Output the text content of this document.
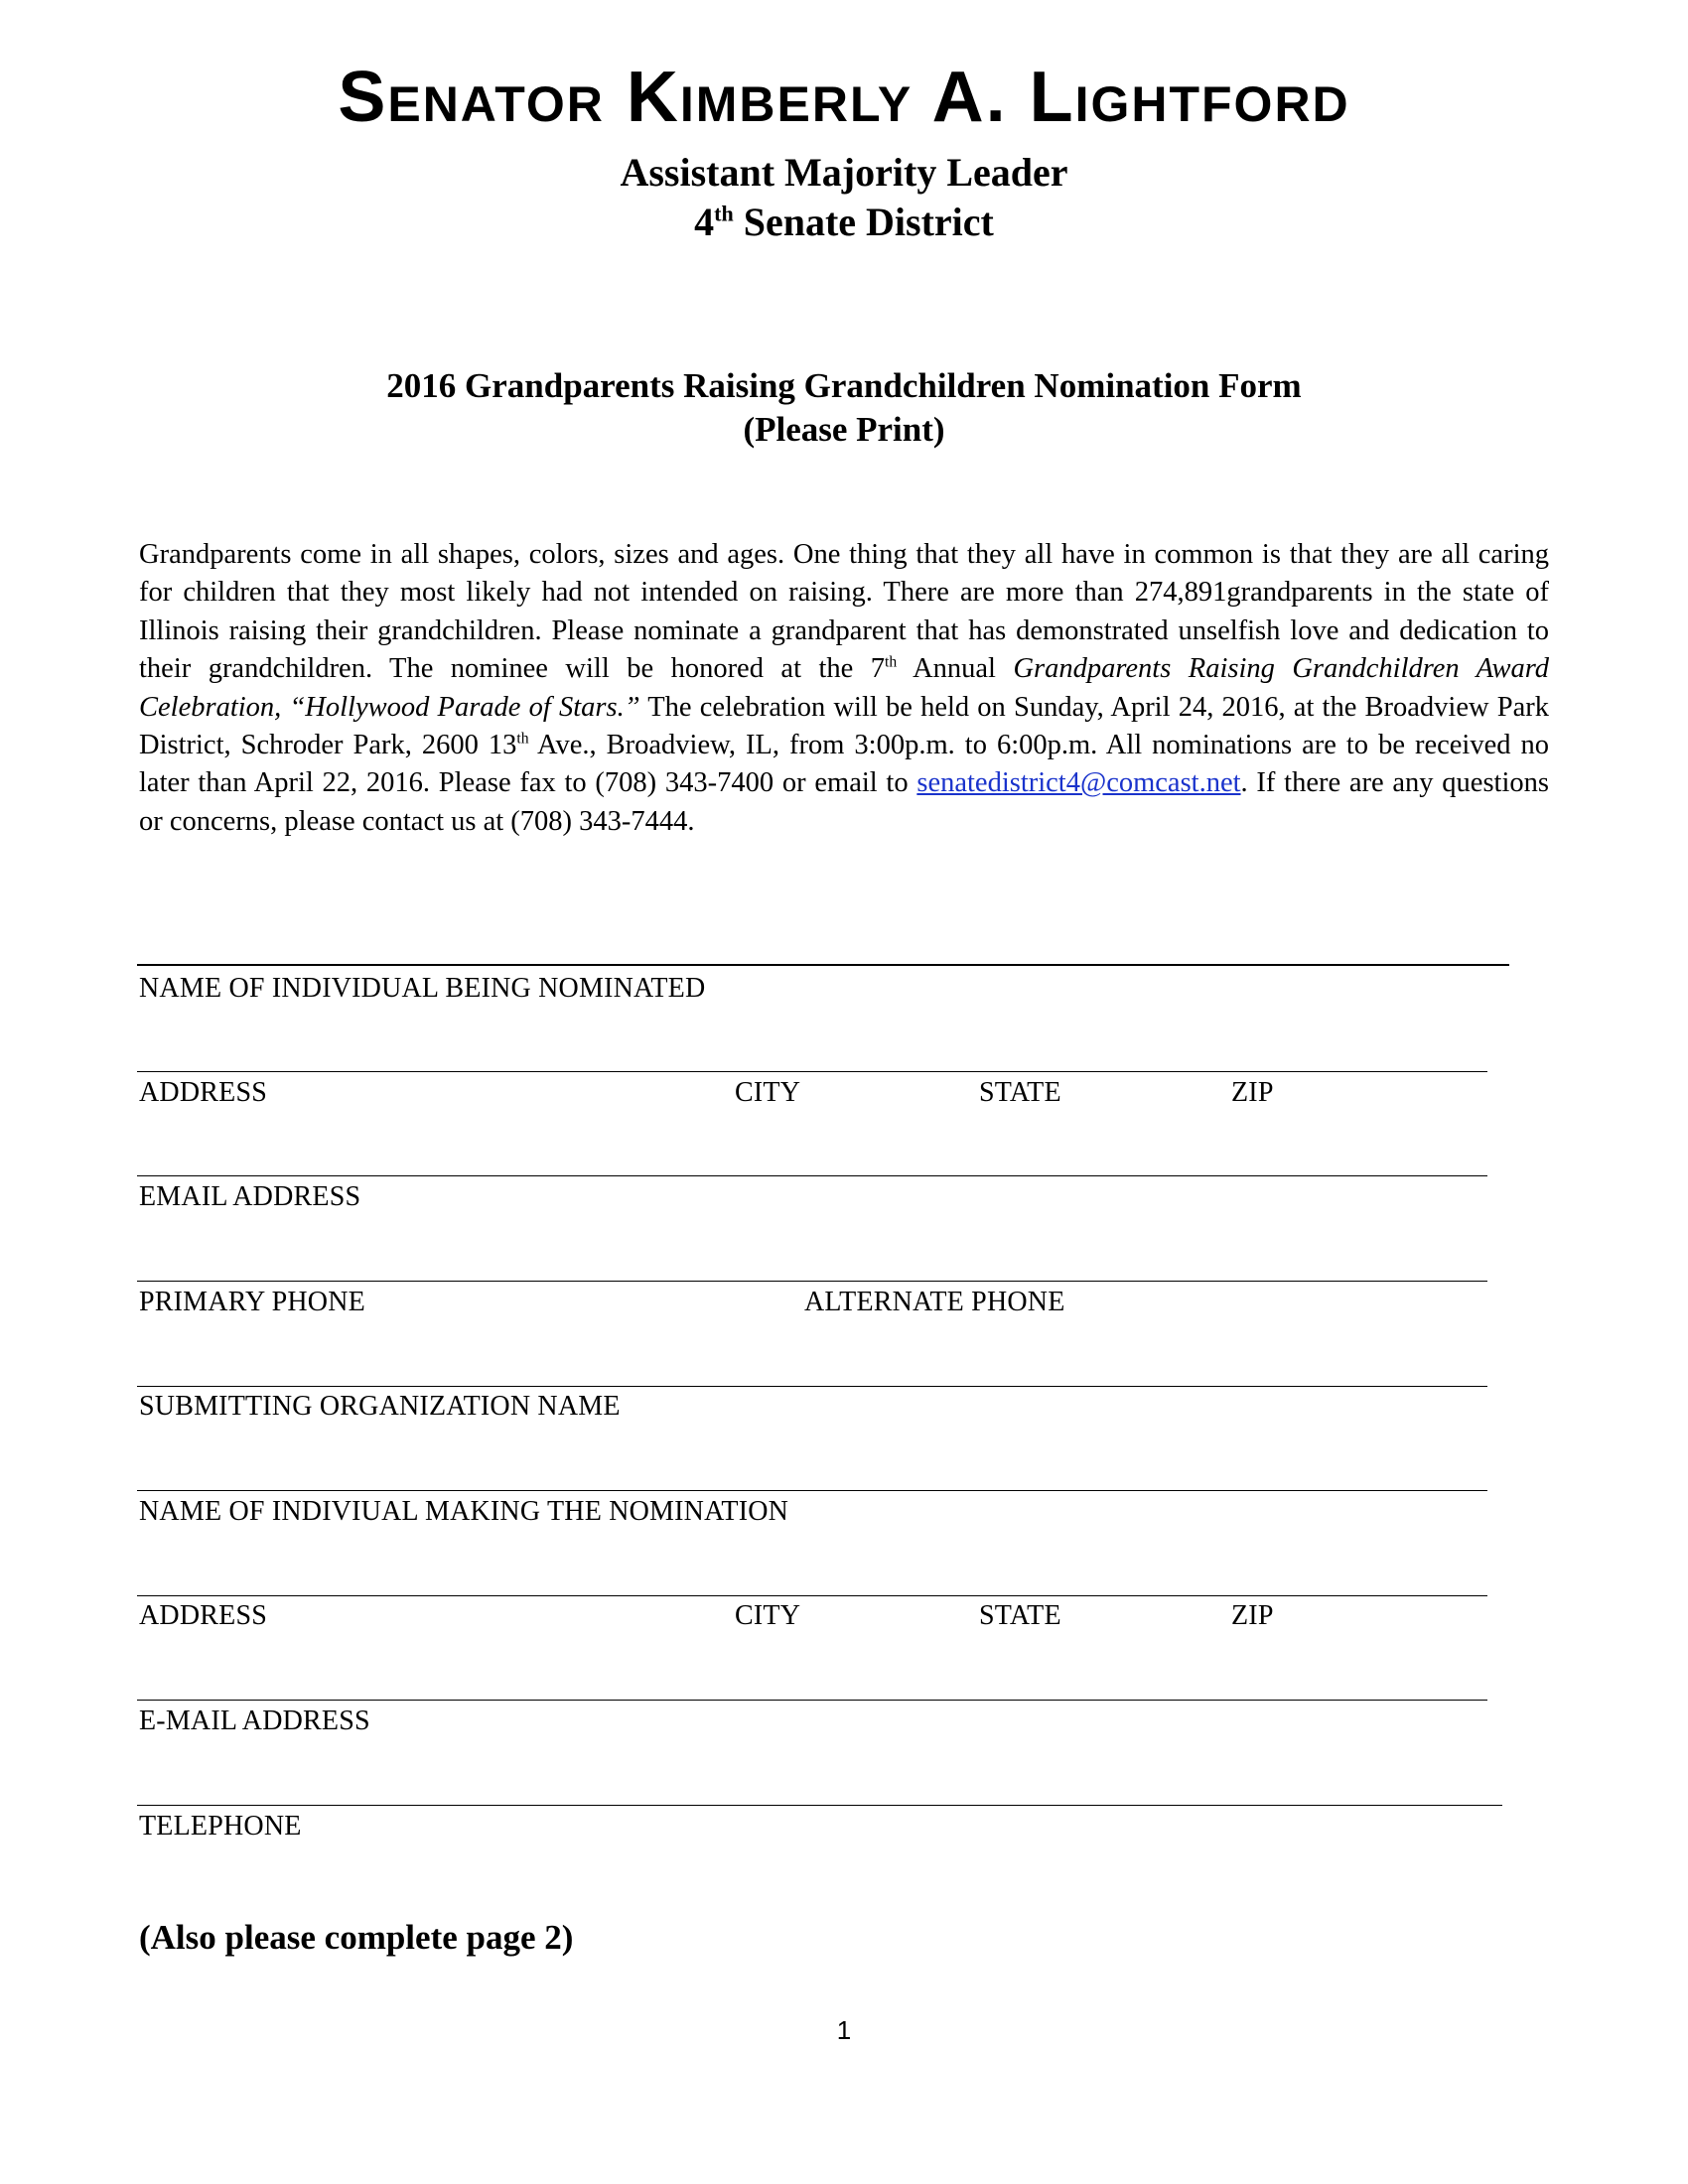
Senator Kimberly A. Lightford
Assistant Majority Leader
4th Senate District
2016 Grandparents Raising Grandchildren Nomination Form
(Please Print)
Grandparents come in all shapes, colors, sizes and ages. One thing that they all have in common is that they are all caring for children that they most likely had not intended on raising. There are more than 274,891grandparents in the state of Illinois raising their grandchildren. Please nominate a grandparent that has demonstrated unselfish love and dedication to their grandchildren. The nominee will be honored at the 7th Annual Grandparents Raising Grandchildren Award Celebration, “Hollywood Parade of Stars.” The celebration will be held on Sunday, April 24, 2016, at the Broadview Park District, Schroder Park, 2600 13th Ave., Broadview, IL, from 3:00p.m. to 6:00p.m. All nominations are to be received no later than April 22, 2016. Please fax to (708) 343-7400 or email to senatedistrict4@comcast.net. If there are any questions or concerns, please contact us at (708) 343-7444.
NAME OF INDIVIDUAL BEING NOMINATED
ADDRESS	CITY	STATE	ZIP
EMAIL ADDRESS
PRIMARY PHONE	ALTERNATE PHONE
SUBMITTING ORGANIZATION NAME
NAME OF INDIVIUAL MAKING THE NOMINATION
ADDRESS	CITY	STATE	ZIP
E-MAIL ADDRESS
TELEPHONE
(Also please complete page 2)
1
